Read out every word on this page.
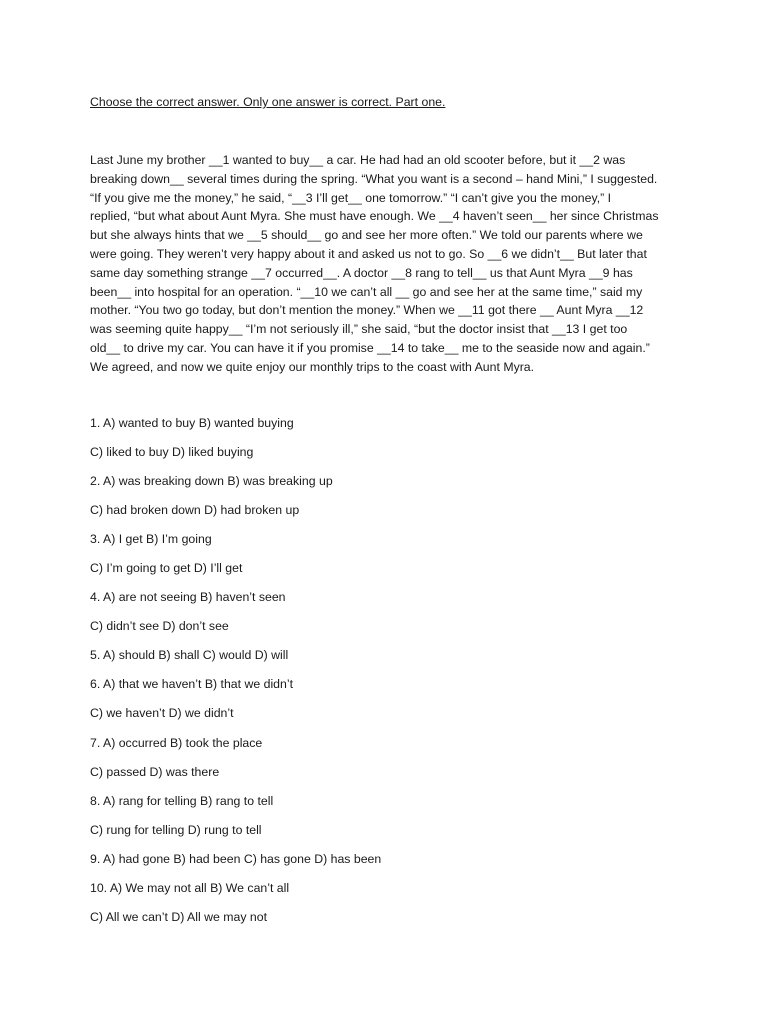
Choose the correct answer. Only one answer is correct. Part one.
Last June my brother __1 wanted to buy__ a car. He had had an old scooter before, but it __2 was
breaking down__ several times during the spring. “What you want is a second – hand Mini,” I suggested.
“If you give me the money,” he said, “__3 I’ll get__ one tomorrow.” “I can’t give you the money,” I
replied, “but what about Aunt Myra. She must have enough. We __4 haven’t seen__ her since Christmas
but she always hints that we __5 should__ go and see her more often.” We told our parents where we
were going. They weren’t very happy about it and asked us not to go. So __6 we didn’t__ But later that
same day something strange __7 occurred__. A doctor __8 rang to tell__ us that Aunt Myra __9 has
been__ into hospital for an operation. “__10 we can’t all __ go and see her at the same time,” said my
mother. “You two go today, but don’t mention the money.” When we __11 got there __ Aunt Myra __12
was seeming quite happy__ “I’m not seriously ill,” she said, “but the doctor insist that __13 I get too
old__ to drive my car. You can have it if you promise __14 to take__ me to the seaside now and again.”
We agreed, and now we quite enjoy our monthly trips to the coast with Aunt Myra.
1. A) wanted to buy B) wanted buying
C) liked to buy D) liked buying
2. A) was breaking down B) was breaking up
C) had broken down D) had broken up
3. A) I get B) I’m going
C) I’m going to get D) I’ll get
4. A) are not seeing B) haven’t seen
C) didn’t see D) don’t see
5. A) should B) shall C) would D) will
6. A) that we haven’t B) that we didn’t
C) we haven’t D) we didn’t
7. A) occurred B) took the place
C) passed D) was there
8. A) rang for telling B) rang to tell
C) rung for telling D) rung to tell
9. A) had gone B) had been C) has gone D) has been
10. A) We may not all B) We can’t all
C) All we can’t D) All we may not
